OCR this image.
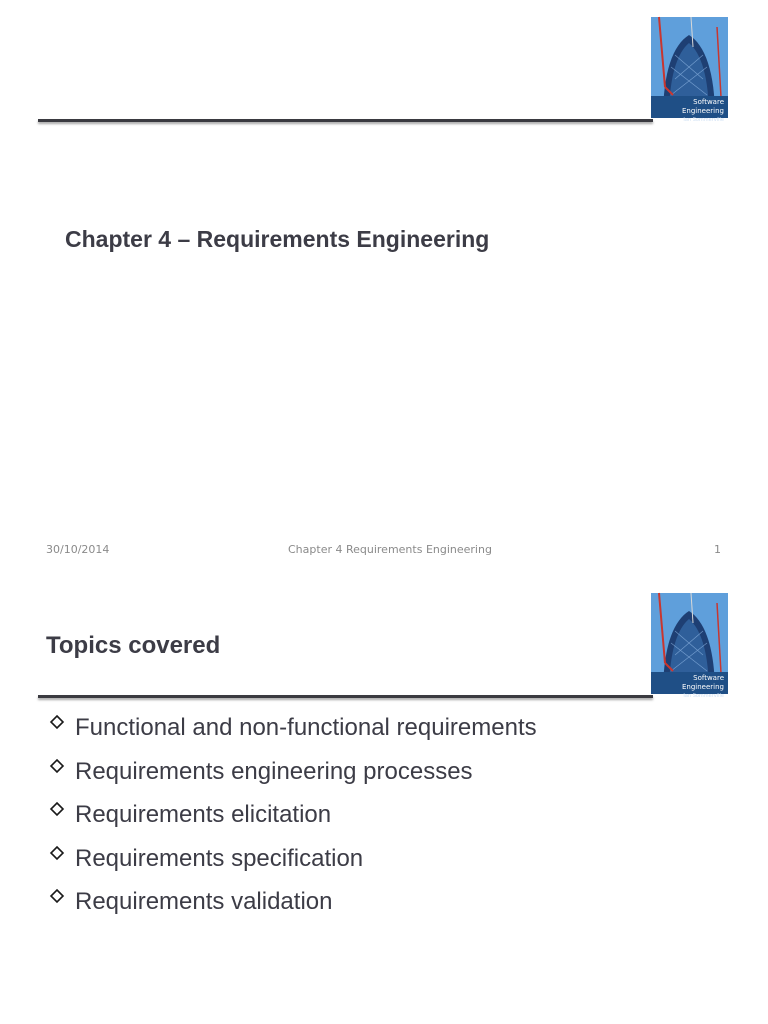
Software Engineering
Ian Sommerville
Chapter 4 – Requirements Engineering
30/10/2014	Chapter 4 Requirements Engineering	1
Software Engineering
Ian Sommerville
Topics covered
Functional and non-functional requirements
Requirements engineering processes
Requirements elicitation
Requirements specification
Requirements validation
